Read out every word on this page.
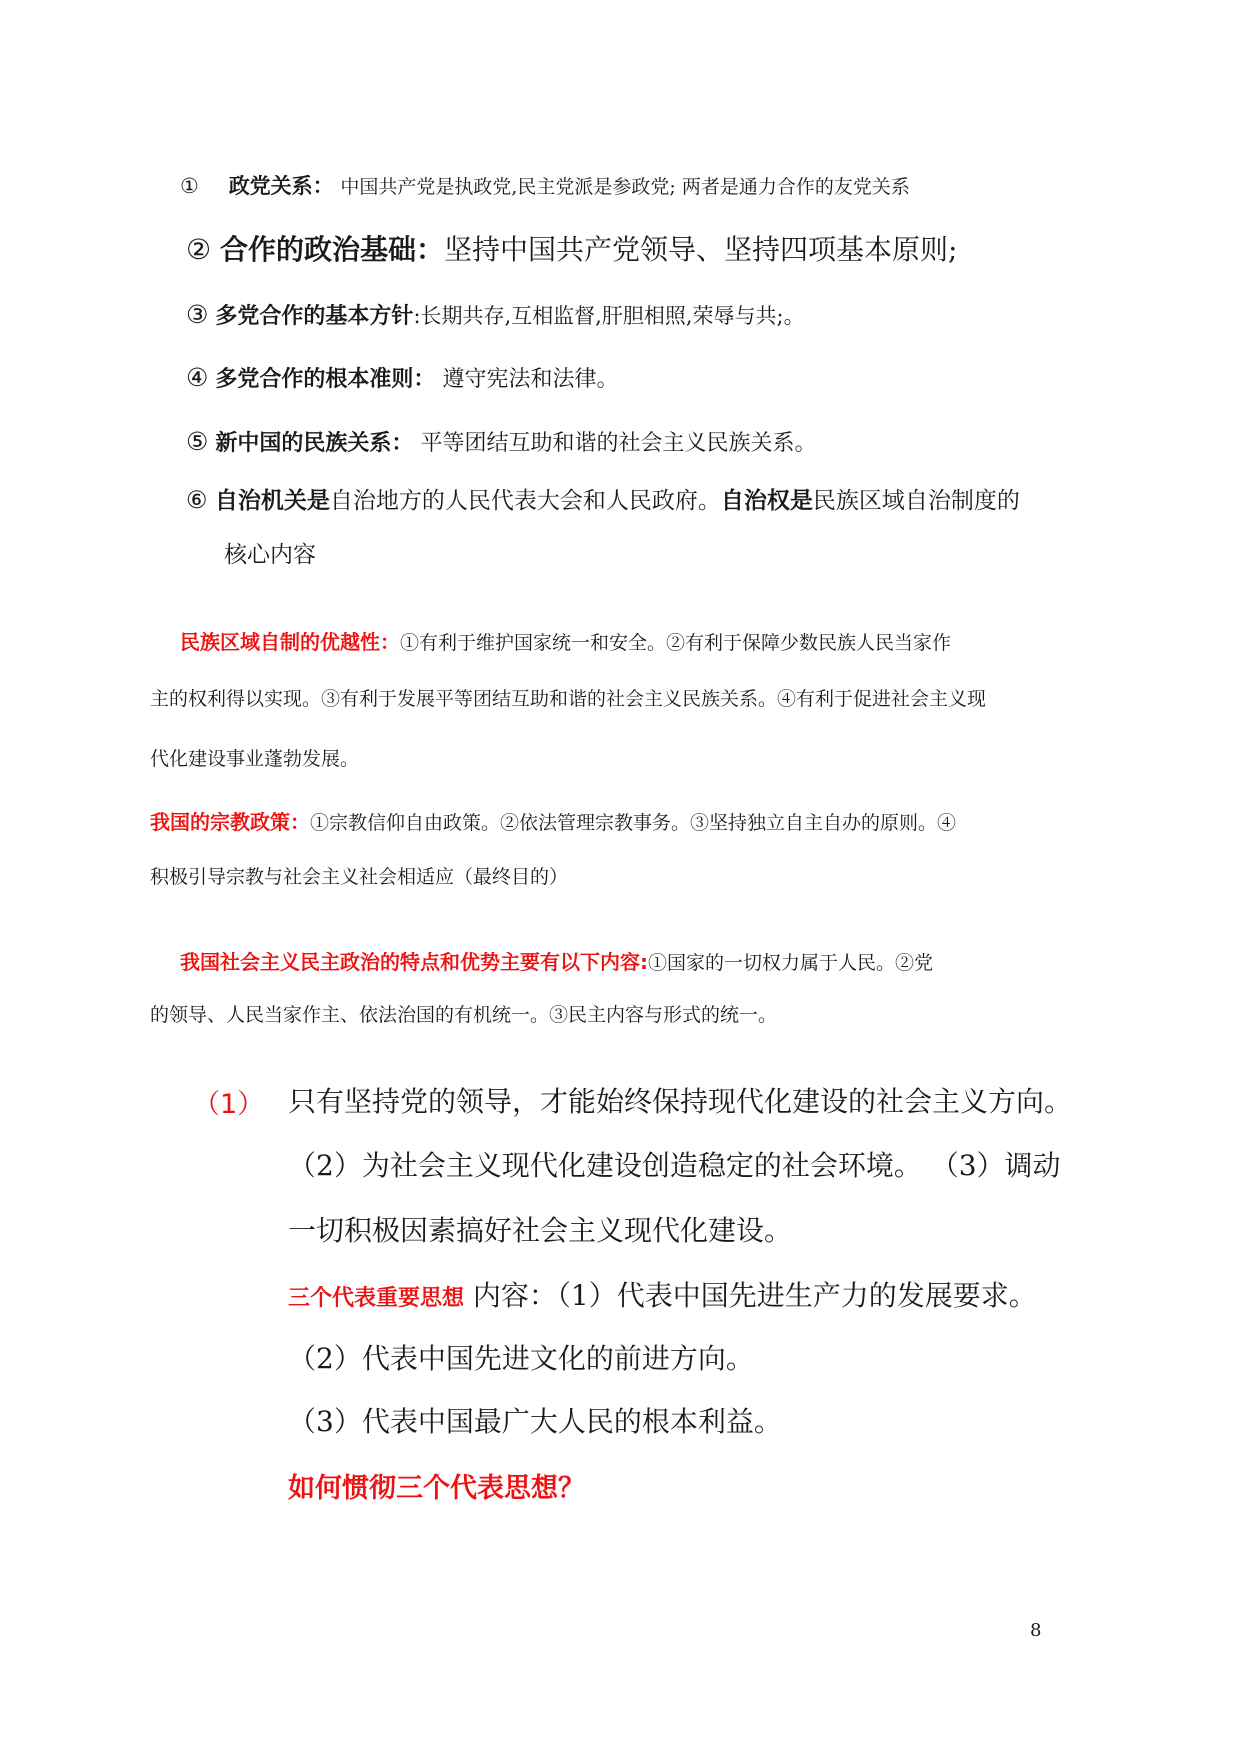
① 政党关系： 中国共产党是执政党,民主党派是参政党; 两者是通力合作的友党关系
② 合作的政治基础：坚持中国共产党领导、坚持四项基本原则;
③ 多党合作的基本方针:长期共存,互相监督,肝胆相照,荣辱与共;。
④ 多党合作的根本准则： 遵守宪法和法律。
⑤ 新中国的民族关系： 平等团结互助和谐的社会主义民族关系。
⑥ 自治机关是自治地方的人民代表大会和人民政府。自治权是民族区域自治制度的
核心内容
民族区域自制的优越性：①有利于维护国家统一和安全。②有利于保障少数民族人民当家作
主的权利得以实现。③有利于发展平等团结互助和谐的社会主义民族关系。④有利于促进社会主义现
代化建设事业蓬勃发展。
我国的宗教政策：①宗教信仰自由政策。②依法管理宗教事务。③坚持独立自主自办的原则。④
积极引导宗教与社会主义社会相适应（最终目的）
我国社会主义民主政治的特点和优势主要有以下内容:①国家的一切权力属于人民。②党
的领导、人民当家作主、依法治国的有机统一。③民主内容与形式的统一。
（1） 只有坚持党的领导，才能始终保持现代化建设的社会主义方向。
（2）为社会主义现代化建设创造稳定的社会环境。 （3）调动
一切积极因素搞好社会主义现代化建设。
三个代表重要思想 内容：（1）代表中国先进生产力的发展要求。
（2）代表中国先进文化的前进方向。
（3）代表中国最广大人民的根本利益。
如何惯彻三个代表思想？
8
